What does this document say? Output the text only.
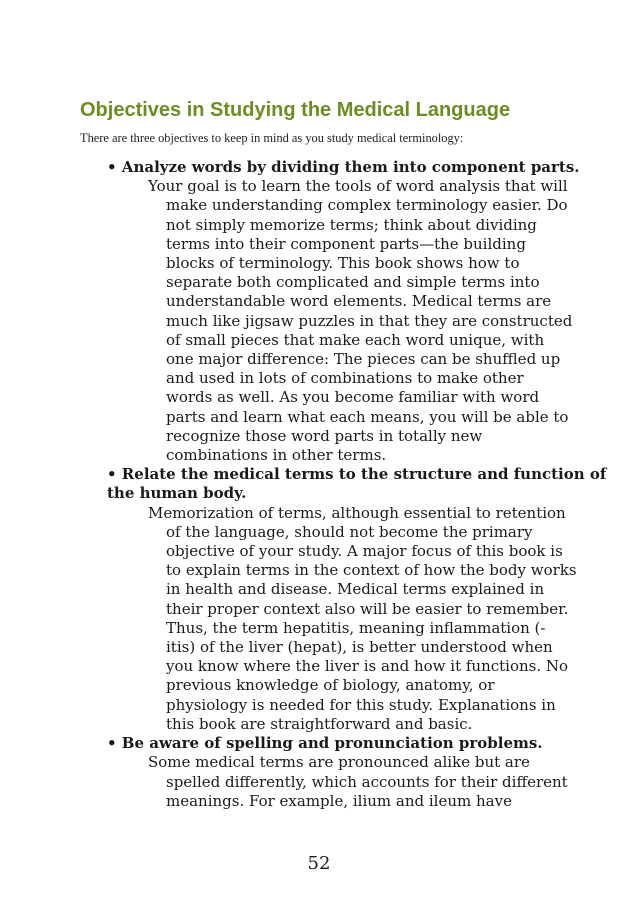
Objectives in Studying the Medical Language

There are three objectives to keep in mind as you study medical terminology:

• Analyze words by dividing them into component parts.
Your goal is to learn the tools of word analysis that will
make understanding complex terminology easier. Do
not simply memorize terms; think about dividing
terms into their component parts—the building
blocks of terminology. This book shows how to
separate both complicated and simple terms into
understandable word elements. Medical terms are
much like jigsaw puzzles in that they are constructed
of small pieces that make each word unique, with
one major difference: The pieces can be shuffled up
and used in lots of combinations to make other
words as well. As you become familiar with word
parts and learn what each means, you will be able to
recognize those word parts in totally new
combinations in other terms.
• Relate the medical terms to the structure and function of
the human body.
Memorization of terms, although essential to retention
of the language, should not become the primary
objective of your study. A major focus of this book is
to explain terms in the context of how the body works
in health and disease. Medical terms explained in
their proper context also will be easier to remember.
Thus, the term hepatitis, meaning inflammation (-
itis) of the liver (hepat), is better understood when
you know where the liver is and how it functions. No
previous knowledge of biology, anatomy, or
physiology is needed for this study. Explanations in
this book are straightforward and basic.
• Be aware of spelling and pronunciation problems.
Some medical terms are pronounced alike but are
spelled differently, which accounts for their different
meanings. For example, ilium and ileum have
52
